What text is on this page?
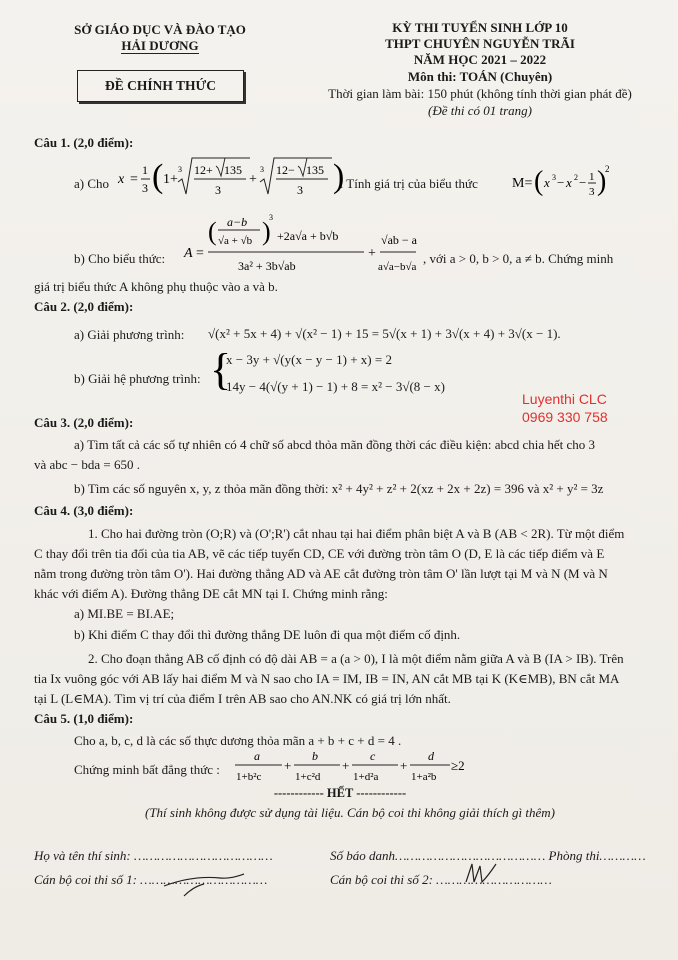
SỞ GIÁO DỤC VÀ ĐÀO TẠO
HẢI DƯƠNG
ĐỀ CHÍNH THỨC
KỲ THI TUYỂN SINH LỚP 10
THPT CHUYÊN NGUYỄN TRÃI
NĂM HỌC 2021 – 2022
Môn thi: TOÁN (Chuyên)
Thời gian làm bài: 150 phút (không tính thời gian phát đề)
(Đề thi có 01 trang)
Câu 1. (2,0 điểm):
a) Cho x =
1
3 ( 1+
3 12+ 135
3
+
3 12− 135
3 )
. Tính giá trị của biểu thức M= ( x 3 − x 2 − 1
3 )
2
b) Cho biểu thức: A =
( a−b
√a + √b )
3
+2a√a + b√b
3a² + 3b√ab
+
√ab − a
a√a−b√a
, với a > 0, b > 0, a ≠ b. Chứng minh
giá trị biểu thức A không phụ thuộc vào a và b.
Câu 2. (2,0 điểm):
a) Giải phương trình: √(x² + 5x + 4) + √(x² − 1) + 15 = 5√(x + 1) + 3√(x + 4) + 3√(x − 1).
b) Giải hệ phương trình: {
x − 3y + √(y(x − y − 1) + x) = 2
14y − 4(√(y + 1) − 1) + 8 = x² − 3√(8 − x)
Luyenthi CLC
0969 330 758
Câu 3. (2,0 điểm):
a) Tìm tất cả các số tự nhiên có 4 chữ số abcd thỏa mãn đồng thời các điều kiện: abcd chia hết cho 3
và abc − bda = 650 .
b) Tìm các số nguyên x, y, z thỏa mãn đồng thời: x² + 4y² + z² + 2(xz + 2x + 2z) = 396 và x² + y² = 3z
Câu 4. (3,0 điểm):
1. Cho hai đường tròn (O;R) và (O';R') cắt nhau tại hai điểm phân biệt A và B (AB < 2R). Từ một điểm
C thay đổi trên tia đối của tia AB, vẽ các tiếp tuyến CD, CE với đường tròn tâm O (D, E là các tiếp điểm và E
nằm trong đường tròn tâm O'). Hai đường thẳng AD và AE cắt đường tròn tâm O' lần lượt tại M và N (M và N
khác với điểm A). Đường thẳng DE cắt MN tại I. Chứng minh rằng:
a) MI.BE = BI.AE;
b) Khi điểm C thay đổi thì đường thẳng DE luôn đi qua một điểm cố định.
2. Cho đoạn thẳng AB cố định có độ dài AB = a (a > 0), I là một điểm nằm giữa A và B (IA > IB). Trên
tia Ix vuông góc với AB lấy hai điểm M và N sao cho IA = IM, IB = IN, AN cắt MB tại K (K∈MB), BN cắt MA
tại L (L∈MA). Tìm vị trí của điểm I trên AB sao cho AN.NK có giá trị lớn nhất.
Câu 5. (1,0 điểm):
Cho a, b, c, d là các số thực dương thỏa mãn a + b + c + d = 4 .
Chứng minh bất đẳng thức :
a
1+b²c
+
b
1+c²d
+
c
1+d²a
+
d
1+a²b
≥2
------------ HẾT ------------
(Thí sinh không được sử dụng tài liệu. Cán bộ coi thi không giải thích gì thêm)
Họ và tên thí sinh: ………………………………	Số báo danh………………………………… Phòng thi…………
Cán bộ coi thi số 1: ……………………………	Cán bộ coi thi số 2: …………………………
